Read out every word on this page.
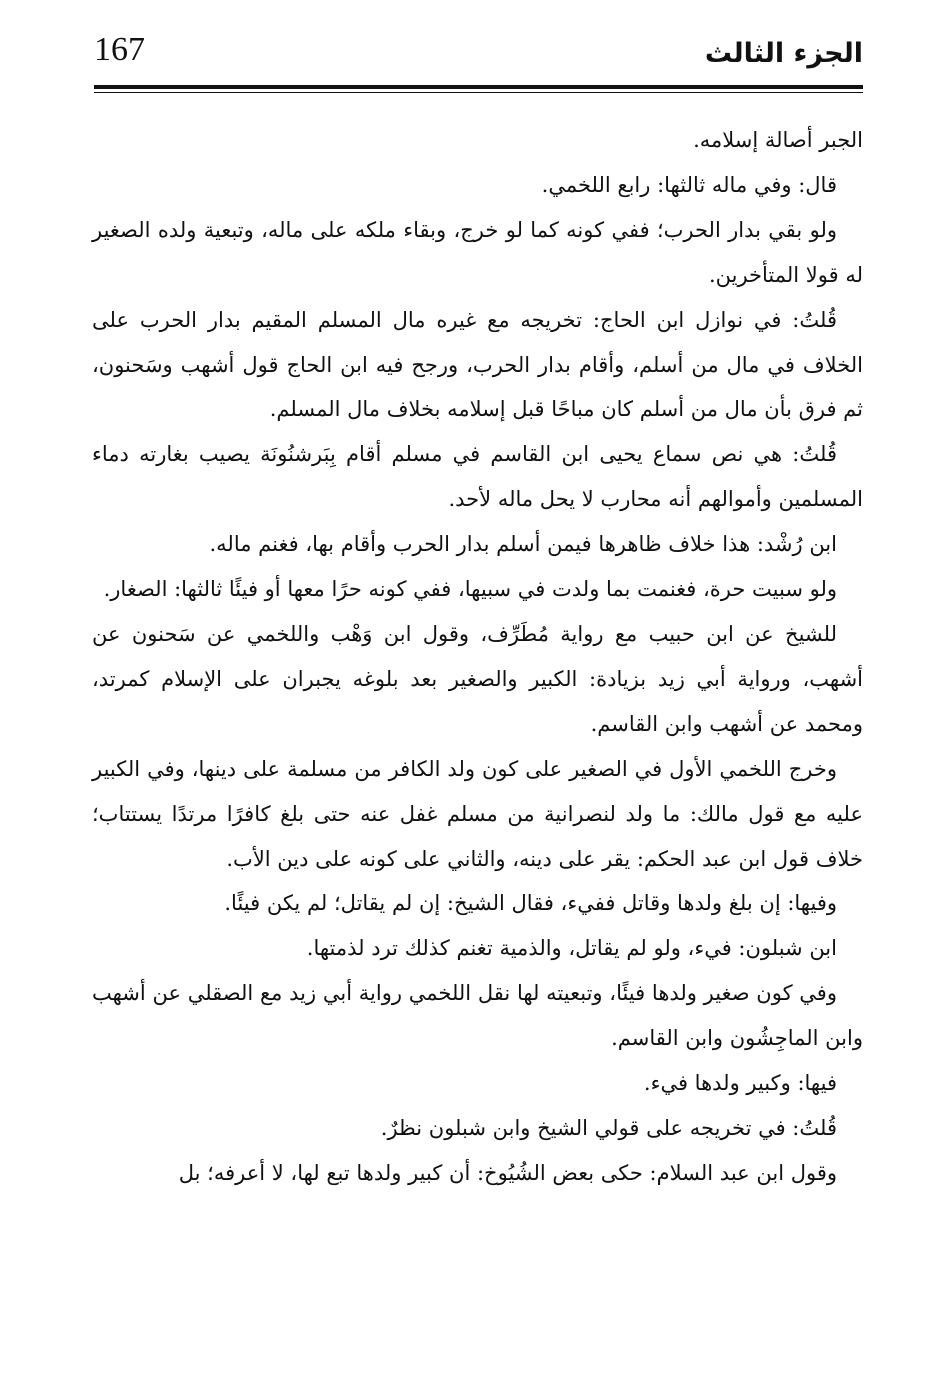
167	الجزء الثالث

الجبر أصالة إسلامه.

قال: وفي ماله ثالثها: رابع اللخمي.

ولو بقي بدار الحرب؛ ففي كونه كما لو خرج، وبقاء ملكه على ماله، وتبعية ولده الصغير له قولا المتأخرين.

قُلتُ: في نوازل ابن الحاج: تخريجه مع غيره مال المسلم المقيم بدار الحرب على الخلاف في مال من أسلم، وأقام بدار الحرب، ورجح فيه ابن الحاج قول أشهب وسَحنون، ثم فرق بأن مال من أسلم كان مباحًا قبل إسلامه بخلاف مال المسلم.

قُلتُ: هي نص سماع يحيى ابن القاسم في مسلم أقام بِبَرشنُونَة يصيب بغارته دماء المسلمين وأموالهم أنه محارب لا يحل ماله لأحد.

ابن رُشْد: هذا خلاف ظاهرها فيمن أسلم بدار الحرب وأقام بها، فغنم ماله.

ولو سبيت حرة، فغنمت بما ولدت في سبيها، ففي كونه حرًا معها أو فيئًا ثالثها: الصغار.

للشيخ عن ابن حبيب مع رواية مُطَرِّف، وقول ابن وَهْب واللخمي عن سَحنون عن أشهب، ورواية أبي زيد بزيادة: الكبير والصغير بعد بلوغه يجبران على الإسلام كمرتد، ومحمد عن أشهب وابن القاسم.

وخرج اللخمي الأول في الصغير على كون ولد الكافر من مسلمة على دينها، وفي الكبير عليه مع قول مالك: ما ولد لنصرانية من مسلم غفل عنه حتى بلغ كافرًا مرتدًا يستتاب؛ خلاف قول ابن عبد الحكم: يقر على دينه، والثاني على كونه على دين الأب.

وفيها: إن بلغ ولدها وقاتل ففيء، فقال الشيخ: إن لم يقاتل؛ لم يكن فيئًا.

ابن شبلون: فيء، ولو لم يقاتل، والذمية تغنم كذلك ترد لذمتها.

وفي كون صغير ولدها فيئًا، وتبعيته لها نقل اللخمي رواية أبي زيد مع الصقلي عن أشهب وابن الماجِشُون وابن القاسم.

فيها: وكبير ولدها فيء.

قُلتُ: في تخريجه على قولي الشيخ وابن شبلون نظرٌ.

وقول ابن عبد السلام: حكى بعض الشُيُوخ: أن كبير ولدها تبع لها، لا أعرفه؛ بل
